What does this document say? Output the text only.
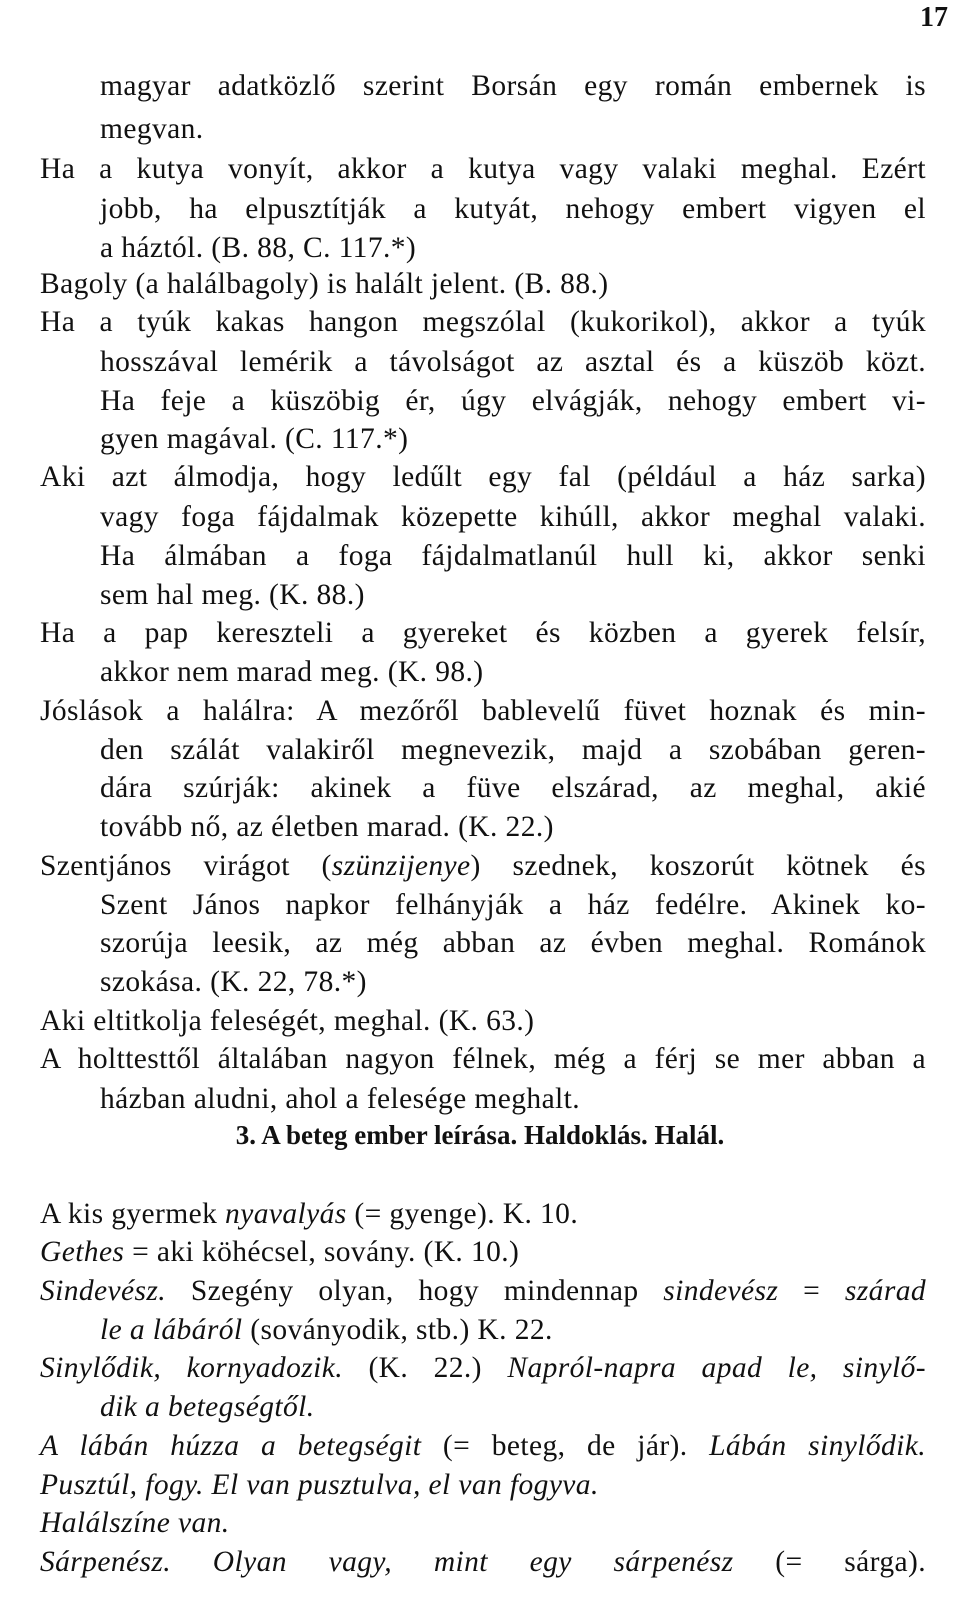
17
3. A beteg ember leírása. Haldoklás. Halál.
magyar adatközlő szerint Borsán egy román embernek is
megvan.
Ha a kutya vonyít, akkor a kutya vagy valaki meghal. Ezért
jobb, ha elpusztítják a kutyát, nehogy embert vigyen el
a háztól. (B. 88, C. 117.*)
Bagoly (a halálbagoly) is halált jelent. (B. 88.)
Ha a tyúk kakas hangon megszólal (kukorikol), akkor a tyúk
hosszával lemérik a távolságot az asztal és a küszöb közt.
Ha feje a küszöbig ér, úgy elvágják, nehogy embert vi-
gyen magával. (C. 117.*)
Aki azt álmodja, hogy ledűlt egy fal (például a ház sarka)
vagy foga fájdalmak közepette kihúll, akkor meghal valaki.
Ha álmában a foga fájdalmatlanúl hull ki, akkor senki
sem hal meg. (K. 88.)
Ha a pap kereszteli a gyereket és közben a gyerek felsír,
akkor nem marad meg. (K. 98.)
Jóslások a halálra: A mezőről bablevelű füvet hoznak és min-
den szálát valakiről megnevezik, majd a szobában geren-
dára szúrják: akinek a füve elszárad, az meghal, akié
tovább nő, az életben marad. (K. 22.)
Szentjános virágot (szünzijenye) szednek, koszorút kötnek és
Szent János napkor felhányják a ház fedélre. Akinek ko-
szorúja leesik, az még abban az évben meghal. Románok
szokása. (K. 22, 78.*)
Aki eltitkolja feleségét, meghal. (K. 63.)
A holttesttől általában nagyon félnek, még a férj se mer abban a
házban aludni, ahol a felesége meghalt.
A kis gyermek nyavalyás (= gyenge). K. 10.
Gethes = aki köhécsel, sovány. (K. 10.)
Sindevész. Szegény olyan, hogy mindennap sindevész = szárad
le a lábáról (soványodik, stb.) K. 22.
Sinylődik, kornyadozik. (K. 22.) Napról-napra apad le, sinylő-
dik a betegségtől.
A lábán húzza a betegségit (= beteg, de jár). Lábán sinylődik.
Pusztúl, fogy. El van pusztulva, el van fogyva.
Halálszíne van.
Sárpenész. Olyan vagy, mint egy sárpenész (= sárga).
